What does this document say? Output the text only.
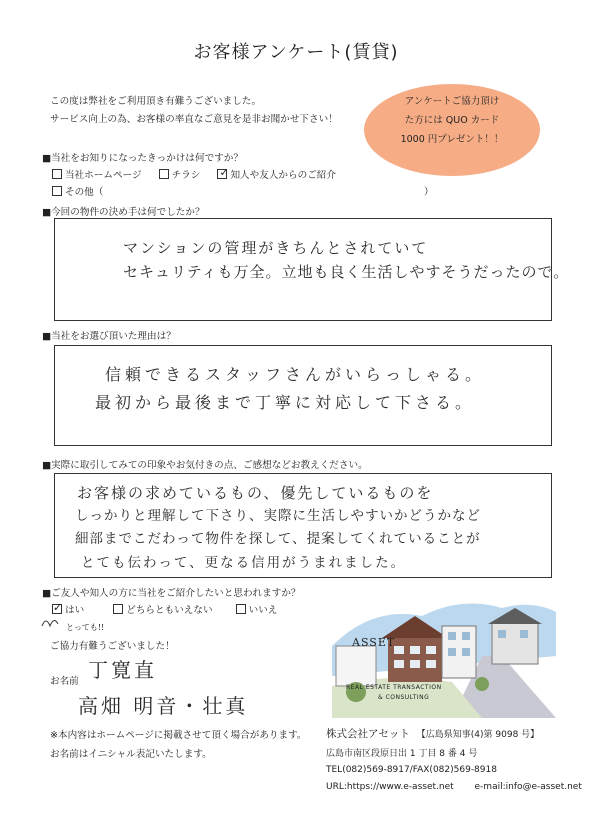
お客様アンケート(賃貸)
この度は弊社をご利用頂き有難うございました。
サービス向上の為、お客様の率直なご意見を是非お聞かせ下さい！
アンケートご協力頂け
た方には QUO カード
1000 円プレゼント！！
■当社をお知りになったきっかけは何ですか？
当社ホームページ	チラシ ✓ 知人や友人からのご紹介
その他（	）
■今回の物件の決め手は何でしたか？
マンションの管理がきちんとされていて
セキュリティも万全。立地も良く生活しやすそうだったので。
■当社をお選び頂いた理由は？
信頼できるスタッフさんがいらっしゃる。
最初から最後まで丁寧に対応して下さる。
■実際に取引してみての印象やお気付きの点、ご感想などお教えください。
お客様の求めているもの、優先しているものを
しっかりと理解して下さり、実際に生活しやすいかどうかなど
細部までこだわって物件を探して、提案してくれていることが
とても伝わって、更なる信用がうまれました。
■ご友人や知人の方に当社をご紹介したいと思われますか？
✓ はい	どちらともいえない	いいえ
とっても!!
ご協力有難うございました！
お名前 丁寛直
高畑 明音・壮真
※本内容はホームページに掲載させて頂く場合があります。
お名前はイニシャル表記いたします。
ASSET
REAL ESTATE TRANSACTION
& CONSULTING
株式会社アセット 【広島県知事(4)第 9098 号】
広島市南区段原日出 1 丁目 8 番 4 号
TEL(082)569-8917/FAX(082)569-8918
URL:https://www.e-asset.net e-mail:info@e-asset.net
